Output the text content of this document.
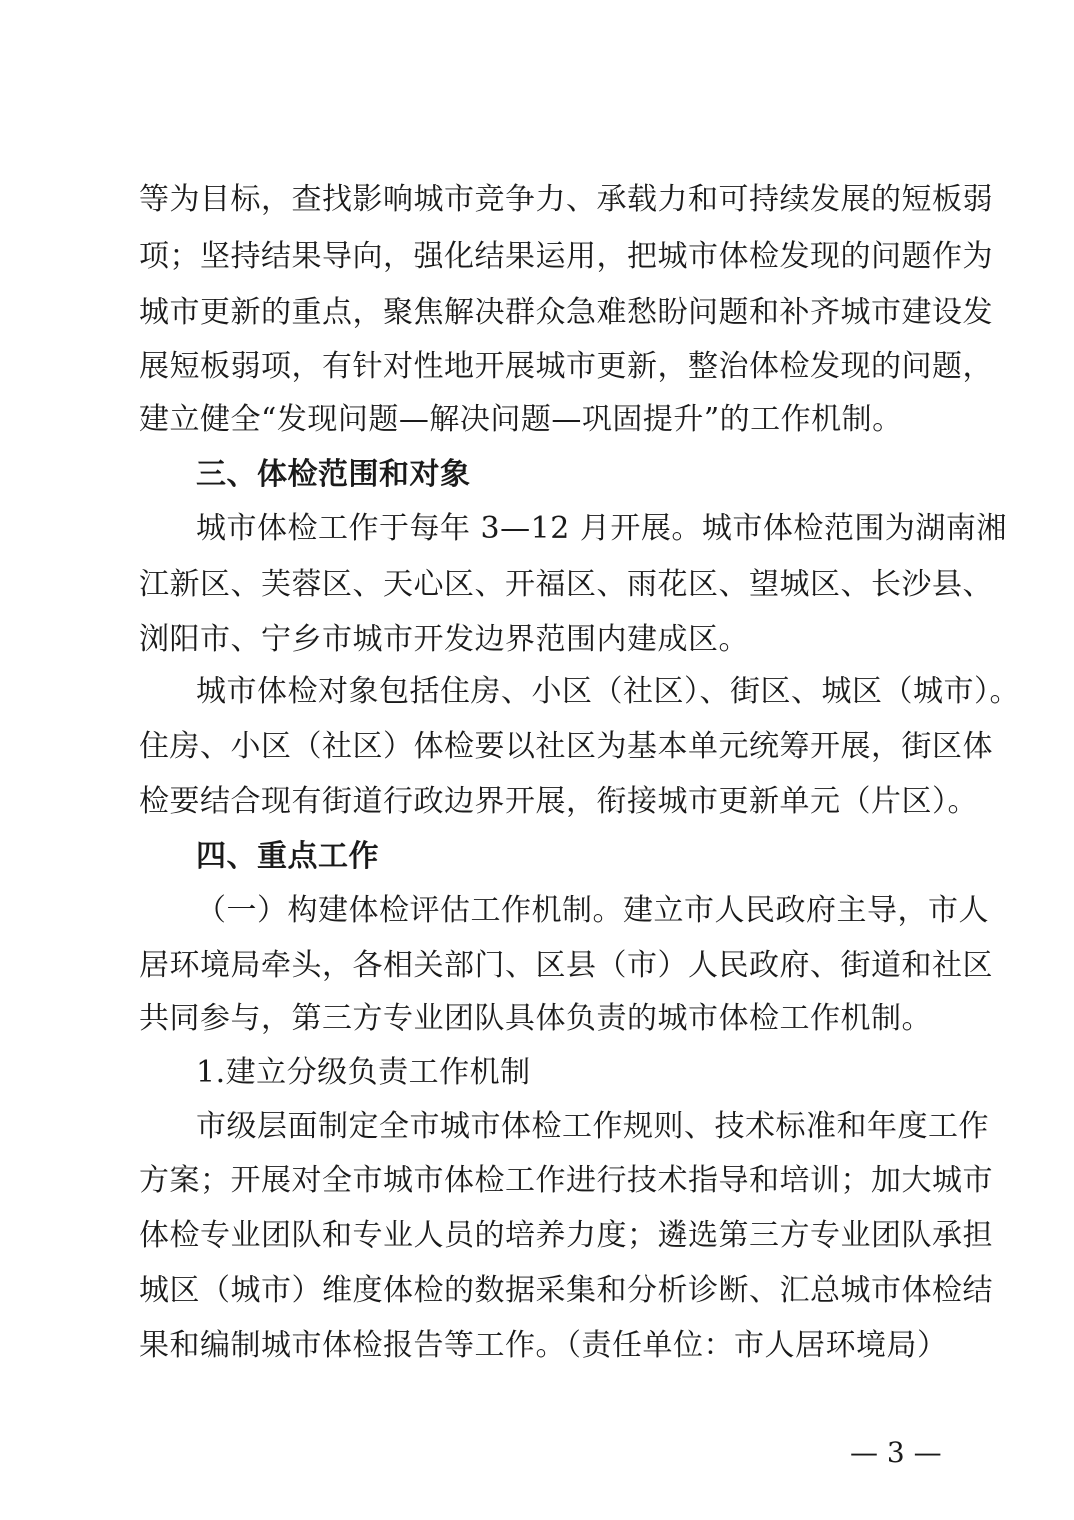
等为目标，查找影响城市竞争力、承载力和可持续发展的短板弱
项；坚持结果导向，强化结果运用，把城市体检发现的问题作为
城市更新的重点，聚焦解决群众急难愁盼问题和补齐城市建设发
展短板弱项，有针对性地开展城市更新，整治体检发现的问题，
建立健全“发现问题—解决问题—巩固提升”的工作机制。
三、体检范围和对象
城市体检工作于每年 3—12 月开展。城市体检范围为湖南湘
江新区、芙蓉区、天心区、开福区、雨花区、望城区、长沙县、
浏阳市、宁乡市城市开发边界范围内建成区。
城市体检对象包括住房、小区（社区）、街区、城区（城市）。
住房、小区（社区）体检要以社区为基本单元统筹开展，街区体
检要结合现有街道行政边界开展，衔接城市更新单元（片区）。
四、重点工作
（一）构建体检评估工作机制。建立市人民政府主导，市人
居环境局牵头，各相关部门、区县（市）人民政府、街道和社区
共同参与，第三方专业团队具体负责的城市体检工作机制。
1.建立分级负责工作机制
市级层面制定全市城市体检工作规则、技术标准和年度工作
方案；开展对全市城市体检工作进行技术指导和培训；加大城市
体检专业团队和专业人员的培养力度；遴选第三方专业团队承担
城区（城市）维度体检的数据采集和分析诊断、汇总城市体检结
果和编制城市体检报告等工作。（责任单位：市人居环境局）
— 3 —
